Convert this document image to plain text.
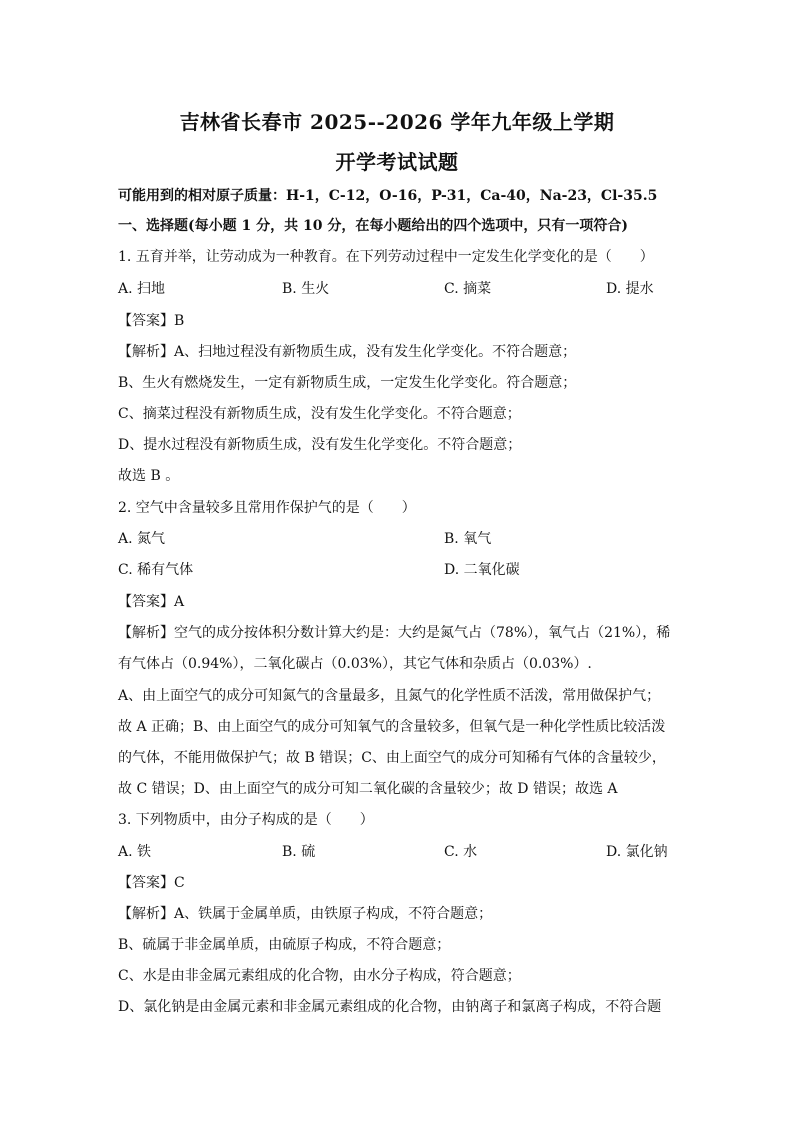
吉林省长春市 2025--2026 学年九年级上学期
开学考试试题
可能用到的相对原子质量：H-1，C-12，O-16，P-31，Ca-40，Na-23，Cl-35.5
一、选择题(每小题 1 分，共 10 分，在每小题给出的四个选项中，只有一项符合)
1. 五育并举，让劳动成为一种教育。在下列劳动过程中一定发生化学变化的是（　　）
A. 扫地	B. 生火	C. 摘菜	D. 提水
【答案】B
【解析】A、扫地过程没有新物质生成，没有发生化学变化。不符合题意；
B、生火有燃烧发生，一定有新物质生成，一定发生化学变化。符合题意；
C、摘菜过程没有新物质生成，没有发生化学变化。不符合题意；
D、提水过程没有新物质生成，没有发生化学变化。不符合题意；
故选 B 。
2. 空气中含量较多且常用作保护气的是（　　）
A. 氮气	B. 氧气
C. 稀有气体	D. 二氧化碳
【答案】A
【解析】空气的成分按体积分数计算大约是：大约是氮气占（78%），氧气占（21%），稀
有气体占（0.94%），二氧化碳占（0.03%），其它气体和杂质占（0.03%）.
A、由上面空气的成分可知氮气的含量最多，且氮气的化学性质不活泼，常用做保护气；
故 A 正确；B、由上面空气的成分可知氧气的含量较多，但氧气是一种化学性质比较活泼
的气体，不能用做保护气；故 B 错误；C、由上面空气的成分可知稀有气体的含量较少，
故 C 错误；D、由上面空气的成分可知二氧化碳的含量较少；故 D 错误；故选 A
3. 下列物质中，由分子构成的是（　　）
A. 铁	B. 硫	C. 水	D. 氯化钠
【答案】C
【解析】A、铁属于金属单质，由铁原子构成，不符合题意；
B、硫属于非金属单质，由硫原子构成，不符合题意；
C、水是由非金属元素组成的化合物，由水分子构成，符合题意；
D、氯化钠是由金属元素和非金属元素组成的化合物，由钠离子和氯离子构成，不符合题
